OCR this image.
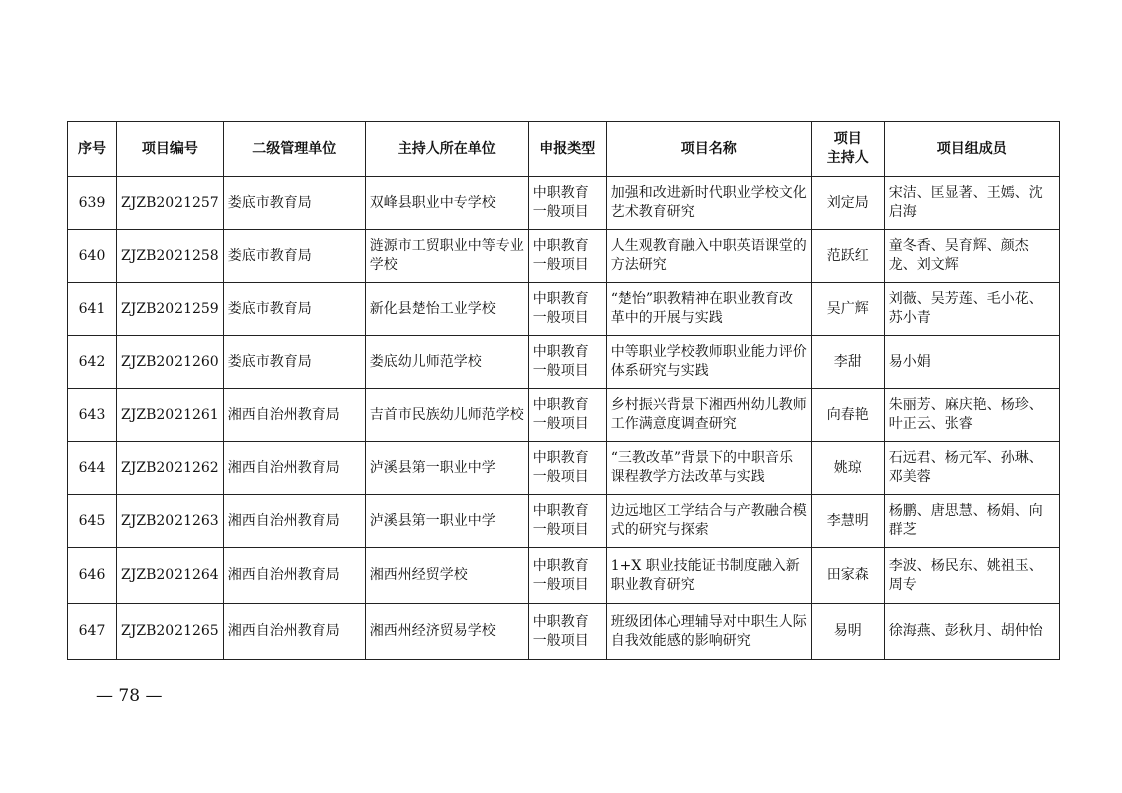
序号	项目编号	二级管理单位	主持人所在单位	申报类型	项目名称	项目
主持人	项目组成员
639	ZJZB2021257	娄底市教育局	双峰县职业中专学校	中职教育一般项目	加强和改进新时代职业学校文化艺术教育研究	刘定局	宋洁、匡显著、王嫣、沈启海
640	ZJZB2021258	娄底市教育局	涟源市工贸职业中等专业学校	中职教育一般项目	人生观教育融入中职英语课堂的方法研究	范跃红	童冬香、吴育辉、颜杰龙、刘文辉
641	ZJZB2021259	娄底市教育局	新化县楚怡工业学校	中职教育一般项目	“楚怡”职教精神在职业教育改革中的开展与实践	吴广辉	刘薇、吴芳莲、毛小花、苏小青
642	ZJZB2021260	娄底市教育局	娄底幼儿师范学校	中职教育一般项目	中等职业学校教师职业能力评价体系研究与实践	李甜	易小娟
643	ZJZB2021261	湘西自治州教育局	吉首市民族幼儿师范学校	中职教育一般项目	乡村振兴背景下湘西州幼儿教师工作满意度调查研究	向春艳	朱丽芳、麻庆艳、杨珍、叶正云、张睿
644	ZJZB2021262	湘西自治州教育局	泸溪县第一职业中学	中职教育一般项目	“三教改革”背景下的中职音乐课程教学方法改革与实践	姚琼	石远君、杨元军、孙琳、邓美蓉
645	ZJZB2021263	湘西自治州教育局	泸溪县第一职业中学	中职教育一般项目	边远地区工学结合与产教融合模式的研究与探索	李慧明	杨鹏、唐思慧、杨娟、向群芝
646	ZJZB2021264	湘西自治州教育局	湘西州经贸学校	中职教育一般项目	1+X 职业技能证书制度融入新职业教育研究	田家森	李波、杨民东、姚祖玉、周专
647	ZJZB2021265	湘西自治州教育局	湘西州经济贸易学校	中职教育一般项目	班级团体心理辅导对中职生人际自我效能感的影响研究	易明	徐海燕、彭秋月、胡仲怡
— 78 —
